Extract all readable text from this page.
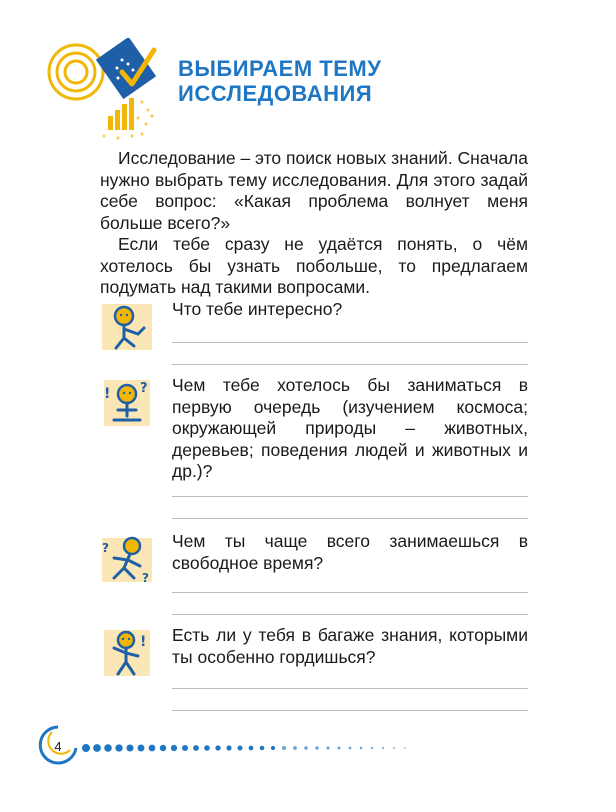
ВЫБИРАЕМ ТЕМУ
ИССЛЕДОВАНИЯ

Исследование – это поиск новых знаний. Сначала нужно выбрать тему исследования. Для этого задай себе вопрос: «Какая проблема волнует меня больше всего?»

Если тебе сразу не удаётся понять, о чём хотелось бы узнать побольше, то предлагаем подумать над такими вопросами.

Что тебе интересно?
! ? Чем тебе хотелось бы заниматься в первую очередь (изучением космоса; окружающей природы – животных, деревьев; поведения людей и животных и др.)?
?
?
Чем ты чаще всего занимаешься в свободное время?
! Есть ли у тебя в багаже знания, которыми ты особенно гордишься?
4
